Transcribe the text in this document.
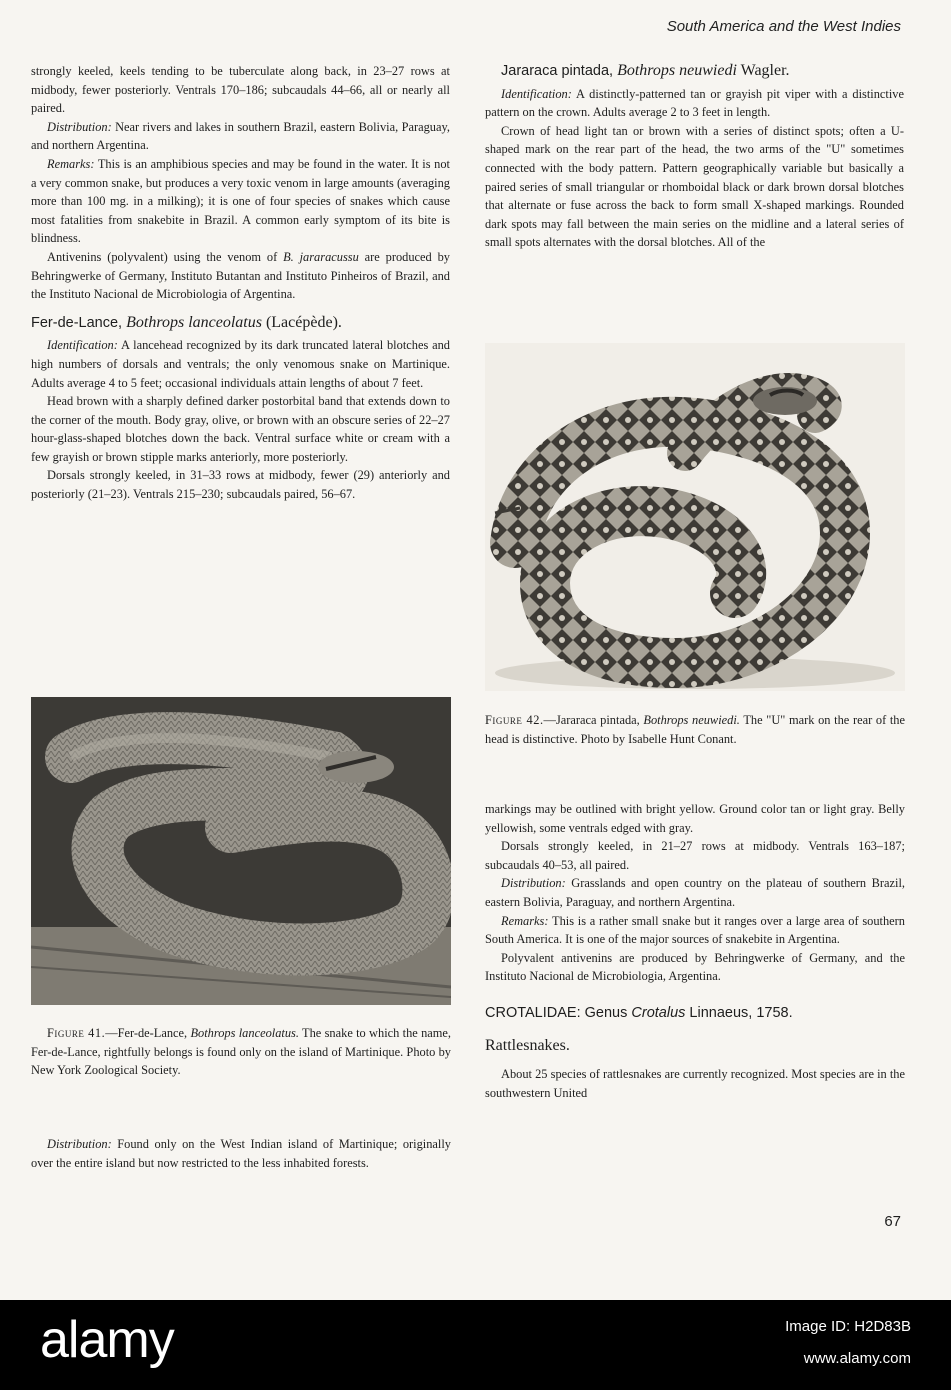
South America and the West Indies

strongly keeled, keels tending to be tuberculate along back, in 23–27 rows at midbody, fewer posteriorly. Ventrals 170–186; subcaudals 44–66, all or nearly all paired.

Distribution: Near rivers and lakes in southern Brazil, eastern Bolivia, Paraguay, and northern Argentina.

Remarks: This is an amphibious species and may be found in the water. It is not a very common snake, but produces a very toxic venom in large amounts (averaging more than 100 mg. in a milking); it is one of four species of snakes which cause most fatalities from snakebite in Brazil. A common early symptom of its bite is blindness.

Antivenins (polyvalent) using the venom of B. jararacussu are produced by Behringwerke of Germany, Instituto Butantan and Instituto Pinheiros of Brazil, and the Instituto Nacional de Microbiologia of Argentina.

Fer-de-Lance, Bothrops lanceolatus (Lacépède).

Identification: A lancehead recognized by its dark truncated lateral blotches and high numbers of dorsals and ventrals; the only venomous snake on Martinique. Adults average 4 to 5 feet; occasional individuals attain lengths of about 7 feet.

Head brown with a sharply defined darker postorbital band that extends down to the corner of the mouth. Body gray, olive, or brown with an obscure series of 22–27 hour-glass-shaped blotches down the back. Ventral surface white or cream with a few grayish or brown stipple marks anteriorly, more posteriorly.

Dorsals strongly keeled, in 31–33 rows at midbody, fewer (29) anteriorly and posteriorly (21–23). Ventrals 215–230; subcaudals paired, 56–67.

Figure 41.—Fer-de-Lance, Bothrops lanceolatus. The snake to which the name, Fer-de-Lance, rightfully belongs is found only on the island of Martinique. Photo by New York Zoological Society.

Distribution: Found only on the West Indian island of Martinique; originally over the entire island but now restricted to the less inhabited forests.

Jararaca pintada, Bothrops neuwiedi Wagler.

Identification: A distinctly-patterned tan or grayish pit viper with a distinctive pattern on the crown. Adults average 2 to 3 feet in length.

Crown of head light tan or brown with a series of distinct spots; often a U-shaped mark on the rear part of the head, the two arms of the "U" sometimes connected with the body pattern. Pattern geographically variable but basically a paired series of small triangular or rhomboidal black or dark brown dorsal blotches that alternate or fuse across the back to form small X-shaped markings. Rounded dark spots may fall between the main series on the midline and a lateral series of small spots alternates with the dorsal blotches. All of the

Figure 42.—Jararaca pintada, Bothrops neuwiedi. The "U" mark on the rear of the head is distinctive. Photo by Isabelle Hunt Conant.

markings may be outlined with bright yellow. Ground color tan or light gray. Belly yellowish, some ventrals edged with gray.

Dorsals strongly keeled, in 21–27 rows at midbody. Ventrals 163–187; subcaudals 40–53, all paired.

Distribution: Grasslands and open country on the plateau of southern Brazil, eastern Bolivia, Paraguay, and northern Argentina.

Remarks: This is a rather small snake but it ranges over a large area of southern South America. It is one of the major sources of snakebite in Argentina.

Polyvalent antivenins are produced by Behringwerke of Germany, and the Instituto Nacional de Microbiologia, Argentina.

CROTALIDAE: Genus Crotalus Linnaeus, 1758.
Rattlesnakes.

About 25 species of rattlesnakes are currently recognized. Most species are in the southwestern United

67
alamy	Image ID: H2D83B
www.alamy.com
